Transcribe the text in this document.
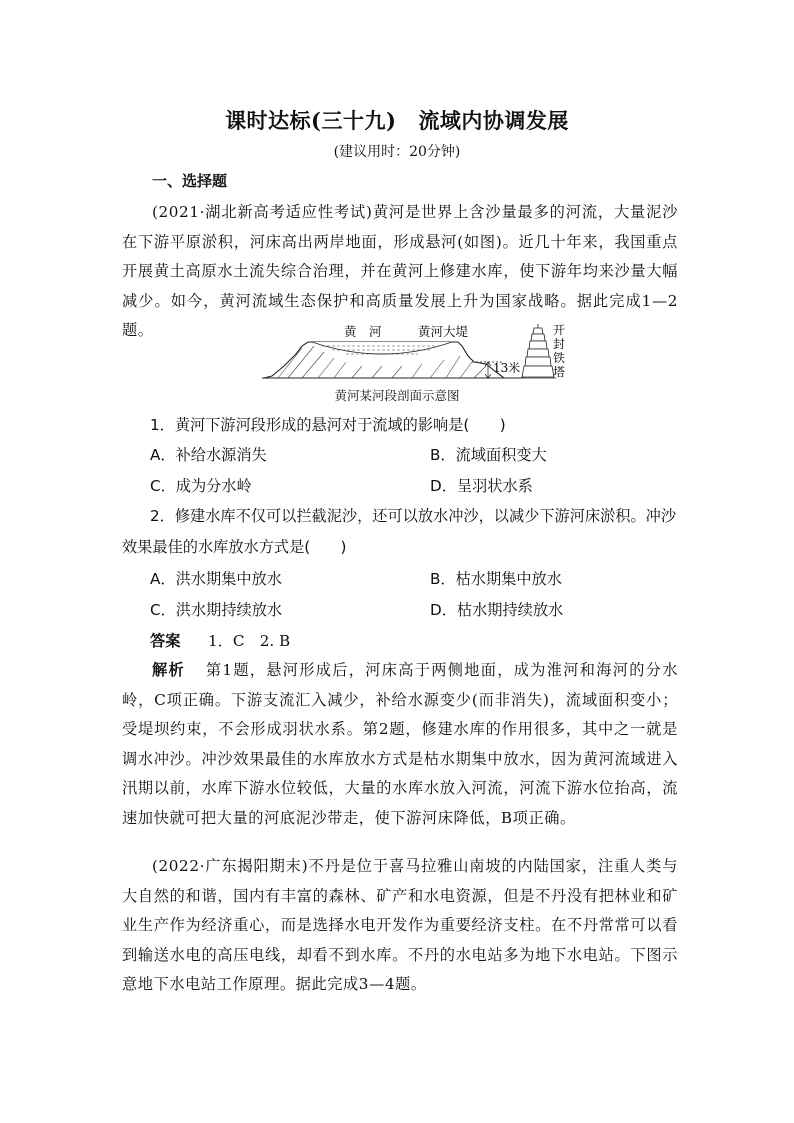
课时达标(三十九) 流域内协调发展
(建议用时：20分钟)
一、选择题
(2021·湖北新高考适应性考试)黄河是世界上含沙量最多的河流，大量泥沙在下游平原淤积，河床高出两岸地面，形成悬河(如图)。近几十年来，我国重点开展黄土高原水土流失综合治理，并在黄河上修建水库，使下游年均来沙量大幅减少。如今，黄河流域生态保护和高质量发展上升为国家战略。据此完成1—2题。	黄　河	黄河大堤
13米
开
封
铁
塔
黄河某河段剖面示意图
1．黄河下游河段形成的悬河对于流域的影响是(　　)
A．补给水源消失	B．流域面积变大
C．成为分水岭	D．呈羽状水系
2．修建水库不仅可以拦截泥沙，还可以放水冲沙，以减少下游河床淤积。冲沙效果最佳的水库放水方式是(　　)
A．洪水期集中放水	B．枯水期集中放水
C．洪水期持续放水	D．枯水期持续放水
答案 1．C　2. B
解析 第1题，悬河形成后，河床高于两侧地面，成为淮河和海河的分水岭，C项正确。下游支流汇入减少，补给水源变少(而非消失)，流域面积变小；受堤坝约束，不会形成羽状水系。第2题，修建水库的作用很多，其中之一就是调水冲沙。冲沙效果最佳的水库放水方式是枯水期集中放水，因为黄河流域进入汛期以前，水库下游水位较低，大量的水库水放入河流，河流下游水位抬高，流速加快就可把大量的河底泥沙带走，使下游河床降低，B项正确。
(2022·广东揭阳期末)不丹是位于喜马拉雅山南坡的内陆国家，注重人类与大自然的和谐，国内有丰富的森林、矿产和水电资源，但是不丹没有把林业和矿业生产作为经济重心，而是选择水电开发作为重要经济支柱。在不丹常常可以看到输送水电的高压电线，却看不到水库。不丹的水电站多为地下水电站。下图示意地下水电站工作原理。据此完成3—4题。
